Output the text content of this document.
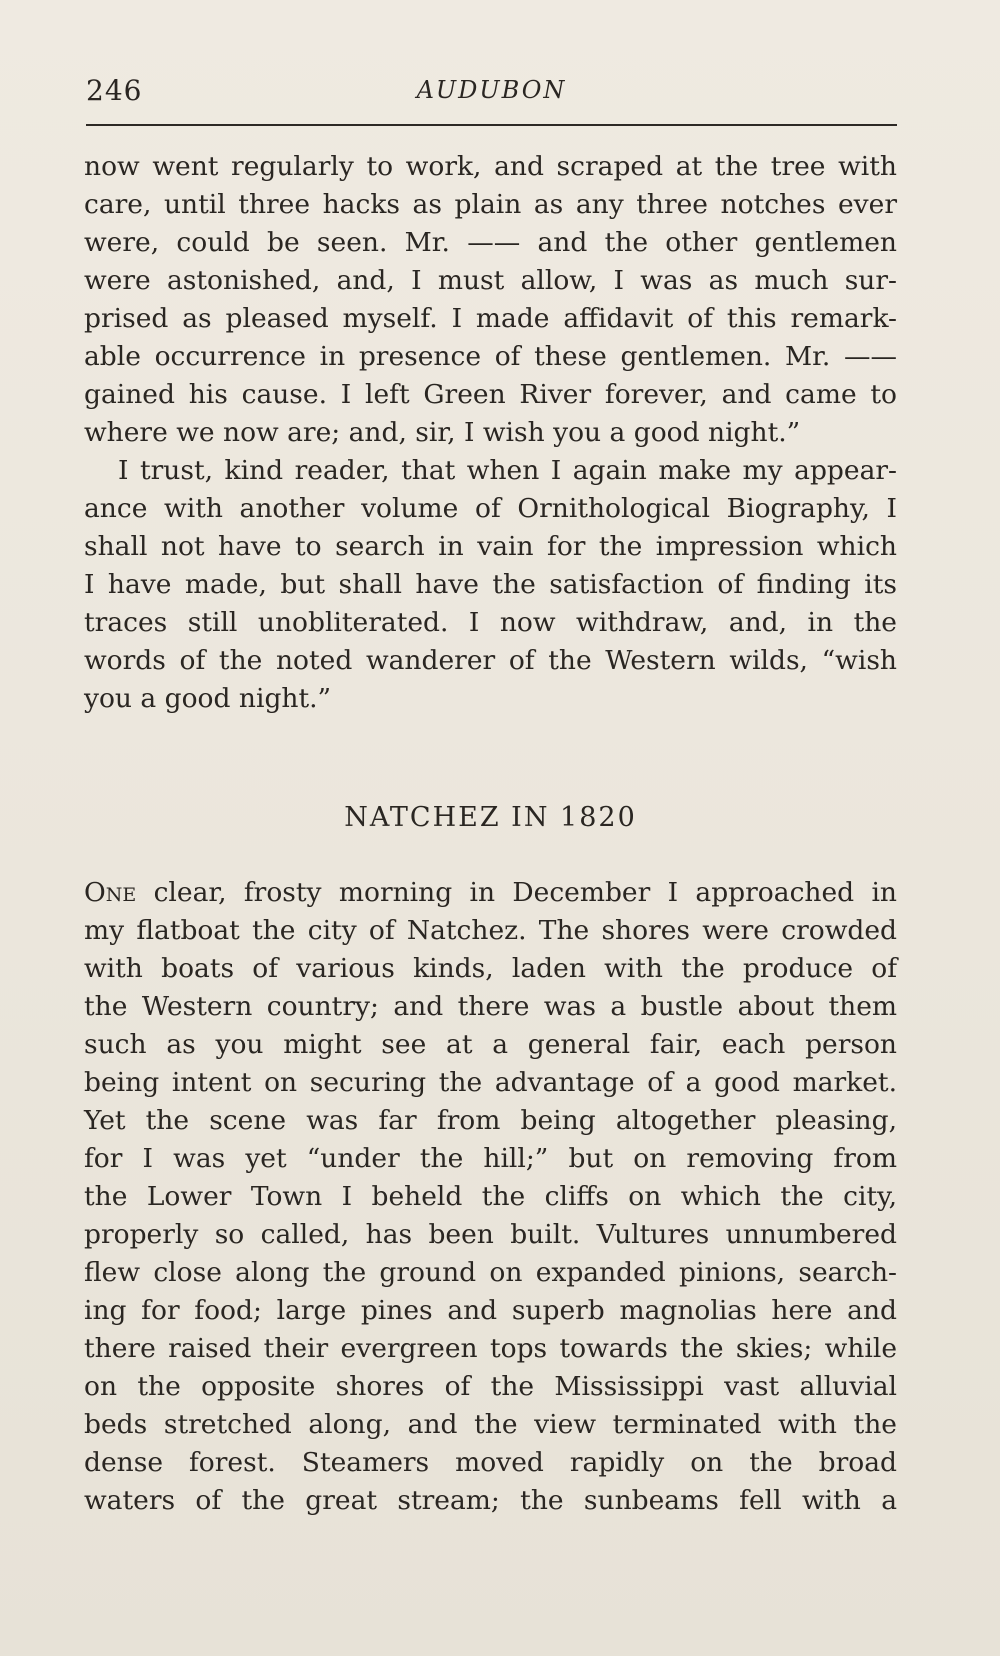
246	AUDUBON
now went regularly to work, and scraped at the tree with
care, until three hacks as plain as any three notches ever
were, could be seen. Mr. —— and the other gentlemen
were astonished, and, I must allow, I was as much sur-
prised as pleased myself. I made affidavit of this remark-
able occurrence in presence of these gentlemen. Mr. ——
gained his cause. I left Green River forever, and came to
where we now are; and, sir, I wish you a good night.”
I trust, kind reader, that when I again make my appear-
ance with another volume of Ornithological Biography, I
shall not have to search in vain for the impression which
I have made, but shall have the satisfaction of finding its
traces still unobliterated. I now withdraw, and, in the
words of the noted wanderer of the Western wilds, “wish
you a good night.”
NATCHEZ IN 1820
One clear, frosty morning in December I approached in
my flatboat the city of Natchez. The shores were crowded
with boats of various kinds, laden with the produce of
the Western country; and there was a bustle about them
such as you might see at a general fair, each person
being intent on securing the advantage of a good market.
Yet the scene was far from being altogether pleasing,
for I was yet “under the hill;” but on removing from
the Lower Town I beheld the cliffs on which the city,
properly so called, has been built. Vultures unnumbered
flew close along the ground on expanded pinions, search-
ing for food; large pines and superb magnolias here and
there raised their evergreen tops towards the skies; while
on the opposite shores of the Mississippi vast alluvial
beds stretched along, and the view terminated with the
dense forest. Steamers moved rapidly on the broad
waters of the great stream; the sunbeams fell with a
